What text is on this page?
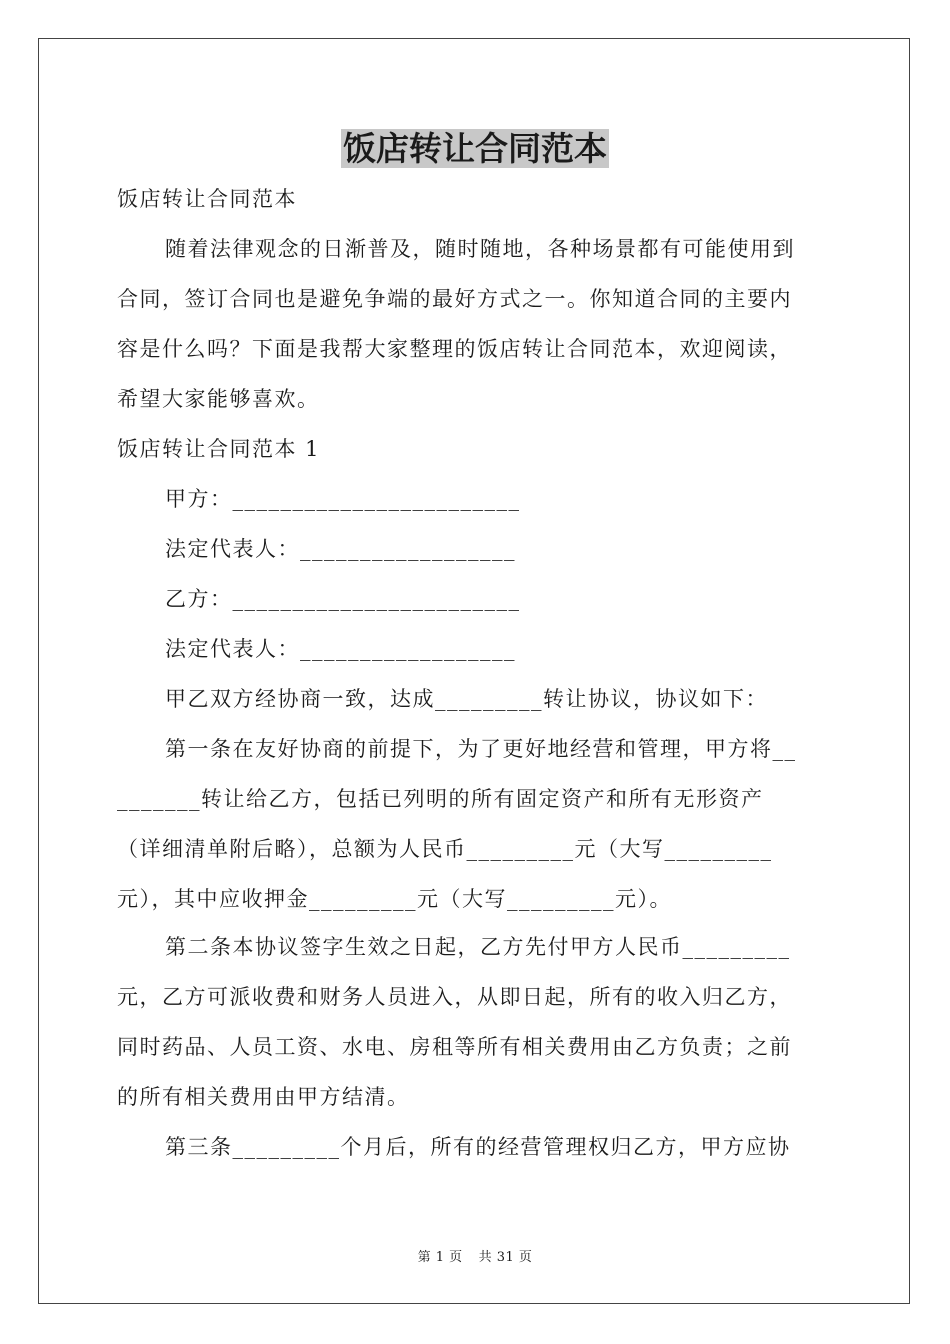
饭店转让合同范本
饭店转让合同范本
随着法律观念的日渐普及，随时随地，各种场景都有可能使用到
合同，签订合同也是避免争端的最好方式之一。你知道合同的主要内
容是什么吗？下面是我帮大家整理的饭店转让合同范本，欢迎阅读，
希望大家能够喜欢。
饭店转让合同范本 1
甲方：________________________
法定代表人：__________________
乙方：________________________
法定代表人：__________________
甲乙双方经协商一致，达成_________转让协议，协议如下：
第一条在友好协商的前提下，为了更好地经营和管理，甲方将__
_______转让给乙方，包括已列明的所有固定资产和所有无形资产
（详细清单附后略），总额为人民币_________元（大写_________
元），其中应收押金_________元（大写_________元）。
第二条本协议签字生效之日起，乙方先付甲方人民币_________
元，乙方可派收费和财务人员进入，从即日起，所有的收入归乙方，
同时药品、人员工资、水电、房租等所有相关费用由乙方负责；之前
的所有相关费用由甲方结清。
第三条_________个月后，所有的经营管理权归乙方，甲方应协
第 1 页 共 31 页
